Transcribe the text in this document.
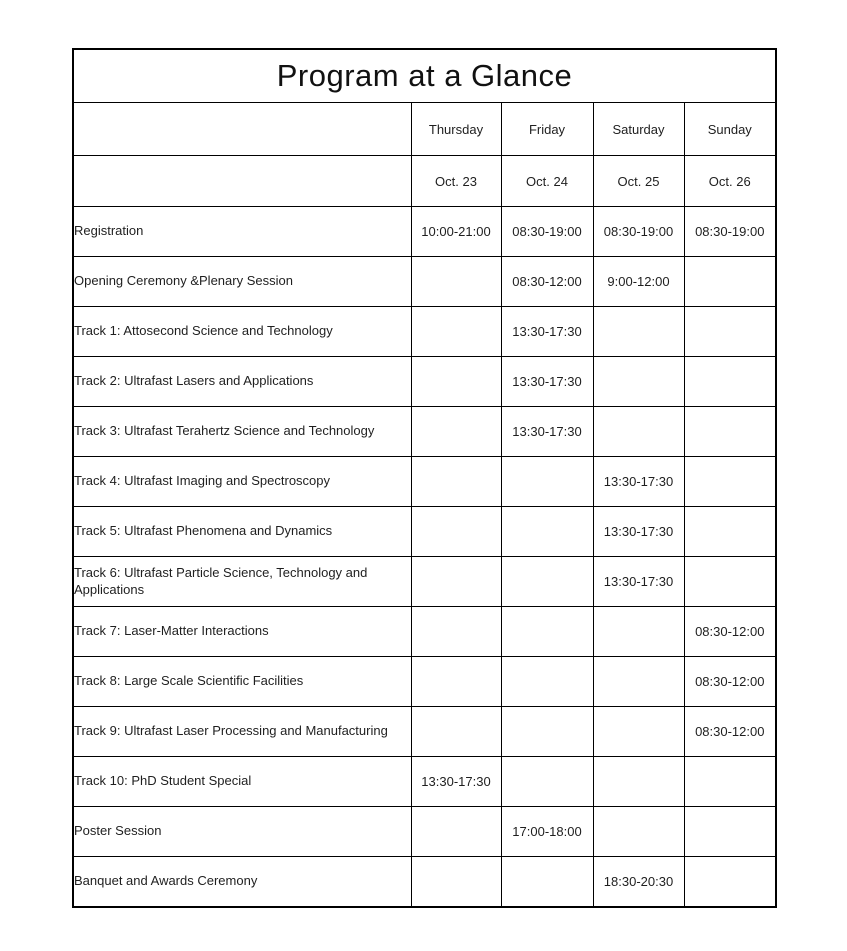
Program at a Glance				
	Thursday	Friday	Saturday	Sunday
	Oct. 23	Oct. 24	Oct. 25	Oct. 26
Registration	10:00-21:00	08:30-19:00	08:30-19:00	08:30-19:00
Opening Ceremony &Plenary Session		08:30-12:00	9:00-12:00	
Track 1: Attosecond Science and Technology		13:30-17:30		
Track 2: Ultrafast Lasers and Applications		13:30-17:30		
Track 3: Ultrafast Terahertz Science and Technology		13:30-17:30		
Track 4: Ultrafast Imaging and Spectroscopy			13:30-17:30	
Track 5: Ultrafast Phenomena and Dynamics			13:30-17:30	
Track 6: Ultrafast Particle Science, Technology and Applications			13:30-17:30	
Track 7: Laser-Matter Interactions				08:30-12:00
Track 8: Large Scale Scientific Facilities				08:30-12:00
Track 9: Ultrafast Laser Processing and Manufacturing				08:30-12:00
Track 10: PhD Student Special	13:30-17:30			
Poster Session		17:00-18:00		
Banquet and Awards Ceremony			18:30-20:30	
